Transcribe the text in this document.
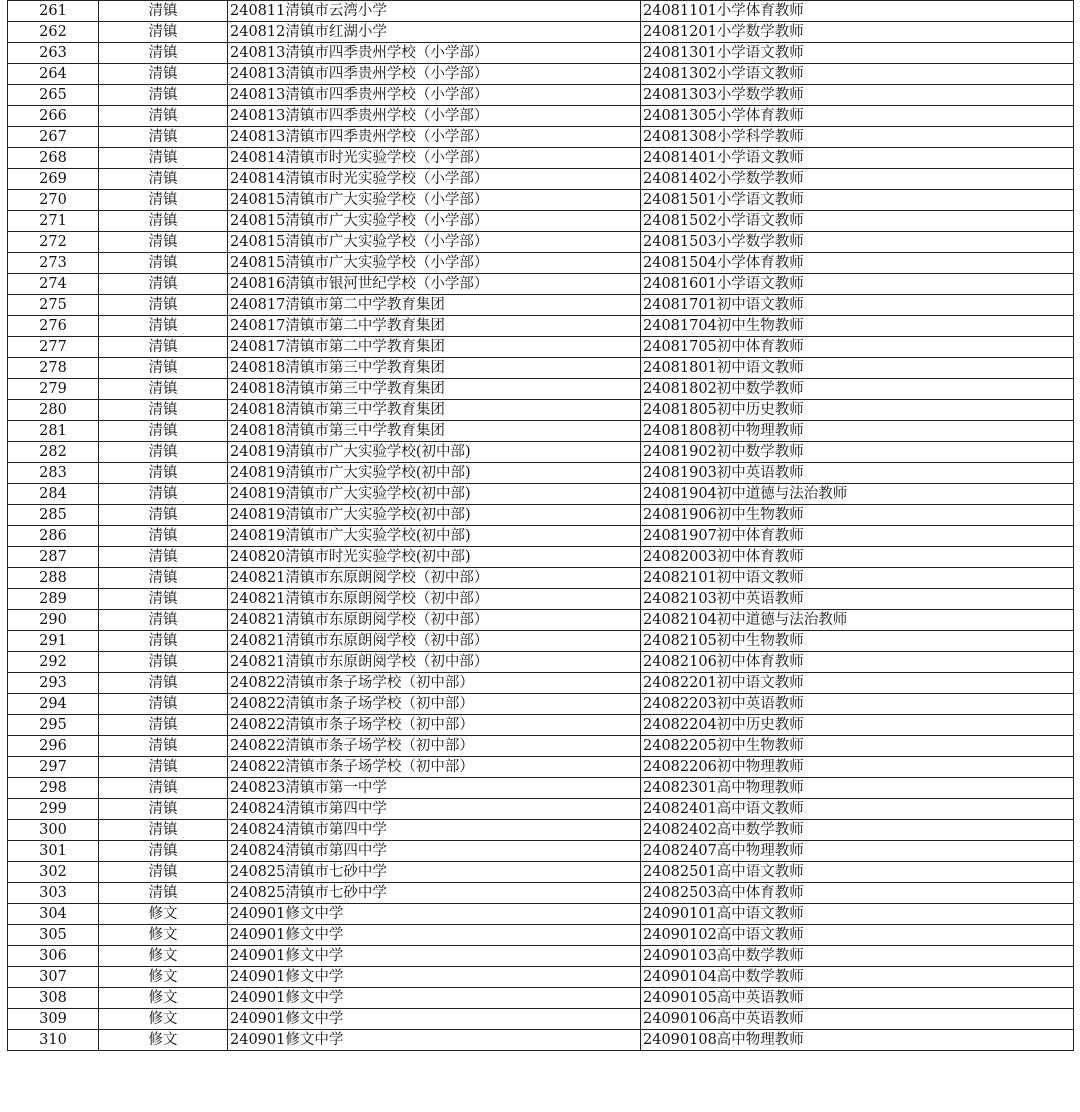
261	清镇	240811清镇市云湾小学	24081101小学体育教师
262	清镇	240812清镇市红湖小学	24081201小学数学教师
263	清镇	240813清镇市四季贵州学校（小学部）	24081301小学语文教师
264	清镇	240813清镇市四季贵州学校（小学部）	24081302小学语文教师
265	清镇	240813清镇市四季贵州学校（小学部）	24081303小学数学教师
266	清镇	240813清镇市四季贵州学校（小学部）	24081305小学体育教师
267	清镇	240813清镇市四季贵州学校（小学部）	24081308小学科学教师
268	清镇	240814清镇市时光实验学校（小学部）	24081401小学语文教师
269	清镇	240814清镇市时光实验学校（小学部）	24081402小学数学教师
270	清镇	240815清镇市广大实验学校（小学部）	24081501小学语文教师
271	清镇	240815清镇市广大实验学校（小学部）	24081502小学语文教师
272	清镇	240815清镇市广大实验学校（小学部）	24081503小学数学教师
273	清镇	240815清镇市广大实验学校（小学部）	24081504小学体育教师
274	清镇	240816清镇市银河世纪学校（小学部）	24081601小学语文教师
275	清镇	240817清镇市第二中学教育集团	24081701初中语文教师
276	清镇	240817清镇市第二中学教育集团	24081704初中生物教师
277	清镇	240817清镇市第二中学教育集团	24081705初中体育教师
278	清镇	240818清镇市第三中学教育集团	24081801初中语文教师
279	清镇	240818清镇市第三中学教育集团	24081802初中数学教师
280	清镇	240818清镇市第三中学教育集团	24081805初中历史教师
281	清镇	240818清镇市第三中学教育集团	24081808初中物理教师
282	清镇	240819清镇市广大实验学校(初中部)	24081902初中数学教师
283	清镇	240819清镇市广大实验学校(初中部)	24081903初中英语教师
284	清镇	240819清镇市广大实验学校(初中部)	24081904初中道德与法治教师
285	清镇	240819清镇市广大实验学校(初中部)	24081906初中生物教师
286	清镇	240819清镇市广大实验学校(初中部)	24081907初中体育教师
287	清镇	240820清镇市时光实验学校(初中部)	24082003初中体育教师
288	清镇	240821清镇市东原朗阅学校（初中部）	24082101初中语文教师
289	清镇	240821清镇市东原朗阅学校（初中部）	24082103初中英语教师
290	清镇	240821清镇市东原朗阅学校（初中部）	24082104初中道德与法治教师
291	清镇	240821清镇市东原朗阅学校（初中部）	24082105初中生物教师
292	清镇	240821清镇市东原朗阅学校（初中部）	24082106初中体育教师
293	清镇	240822清镇市条子场学校（初中部）	24082201初中语文教师
294	清镇	240822清镇市条子场学校（初中部）	24082203初中英语教师
295	清镇	240822清镇市条子场学校（初中部）	24082204初中历史教师
296	清镇	240822清镇市条子场学校（初中部）	24082205初中生物教师
297	清镇	240822清镇市条子场学校（初中部）	24082206初中物理教师
298	清镇	240823清镇市第一中学	24082301高中物理教师
299	清镇	240824清镇市第四中学	24082401高中语文教师
300	清镇	240824清镇市第四中学	24082402高中数学教师
301	清镇	240824清镇市第四中学	24082407高中物理教师
302	清镇	240825清镇市七砂中学	24082501高中语文教师
303	清镇	240825清镇市七砂中学	24082503高中体育教师
304	修文	240901修文中学	24090101高中语文教师
305	修文	240901修文中学	24090102高中语文教师
306	修文	240901修文中学	24090103高中数学教师
307	修文	240901修文中学	24090104高中数学教师
308	修文	240901修文中学	24090105高中英语教师
309	修文	240901修文中学	24090106高中英语教师
310	修文	240901修文中学	24090108高中物理教师
